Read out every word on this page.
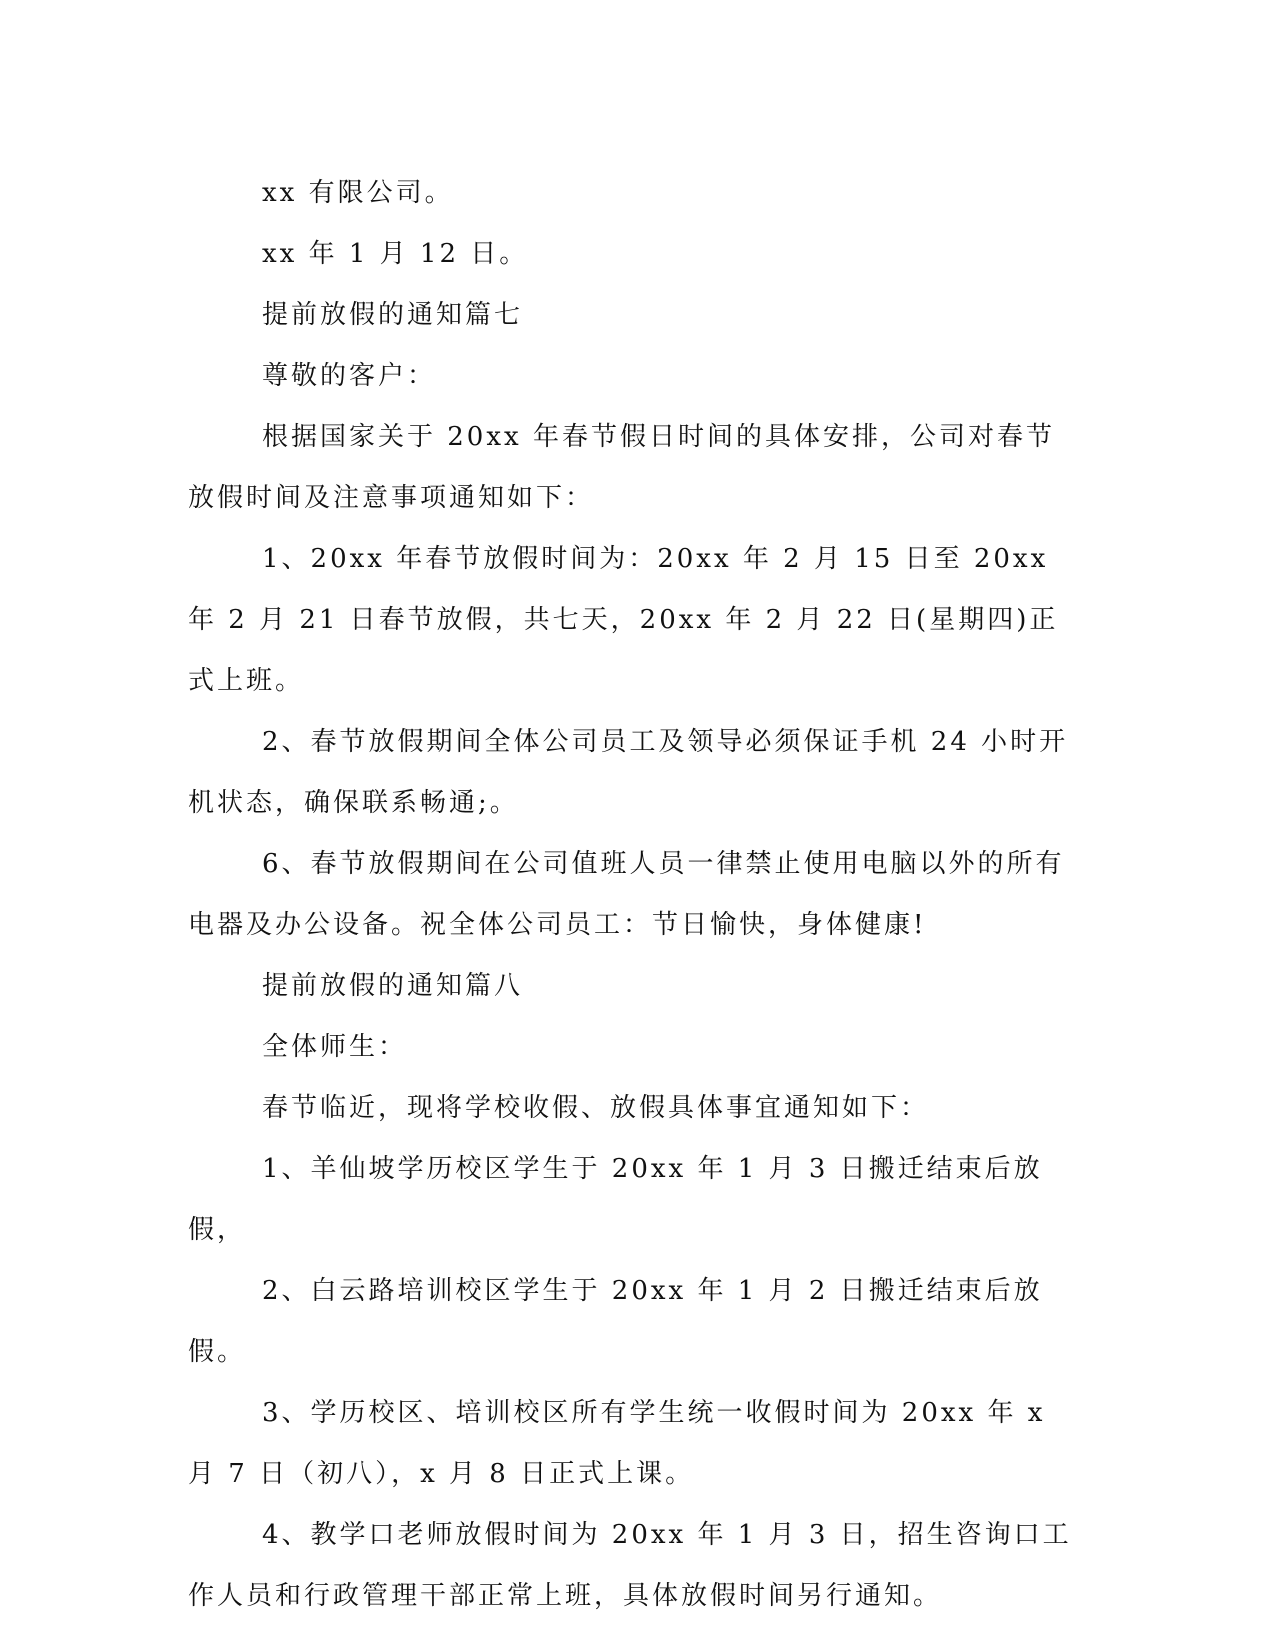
xx 有限公司。

xx 年 1 月 12 日。

提前放假的通知篇七

尊敬的客户：

根据国家关于 20xx 年春节假日时间的具体安排，公司对春节放假时间及注意事项通知如下：

1、20xx 年春节放假时间为：20xx 年 2 月 15 日至 20xx 年 2 月 21 日春节放假，共七天，20xx 年 2 月 22 日(星期四)正式上班。

2、春节放假期间全体公司员工及领导必须保证手机 24 小时开机状态，确保联系畅通;。

6、春节放假期间在公司值班人员一律禁止使用电脑以外的所有电器及办公设备。祝全体公司员工：节日愉快，身体健康!

提前放假的通知篇八

全体师生：

春节临近，现将学校收假、放假具体事宜通知如下：

1、羊仙坡学历校区学生于 20xx 年 1 月 3 日搬迁结束后放假，

2、白云路培训校区学生于 20xx 年 1 月 2 日搬迁结束后放假。

3、学历校区、培训校区所有学生统一收假时间为 20xx 年 x 月 7 日（初八），x 月 8 日正式上课。

4、教学口老师放假时间为 20xx 年 1 月 3 日，招生咨询口工作人员和行政管理干部正常上班，具体放假时间另行通知。
